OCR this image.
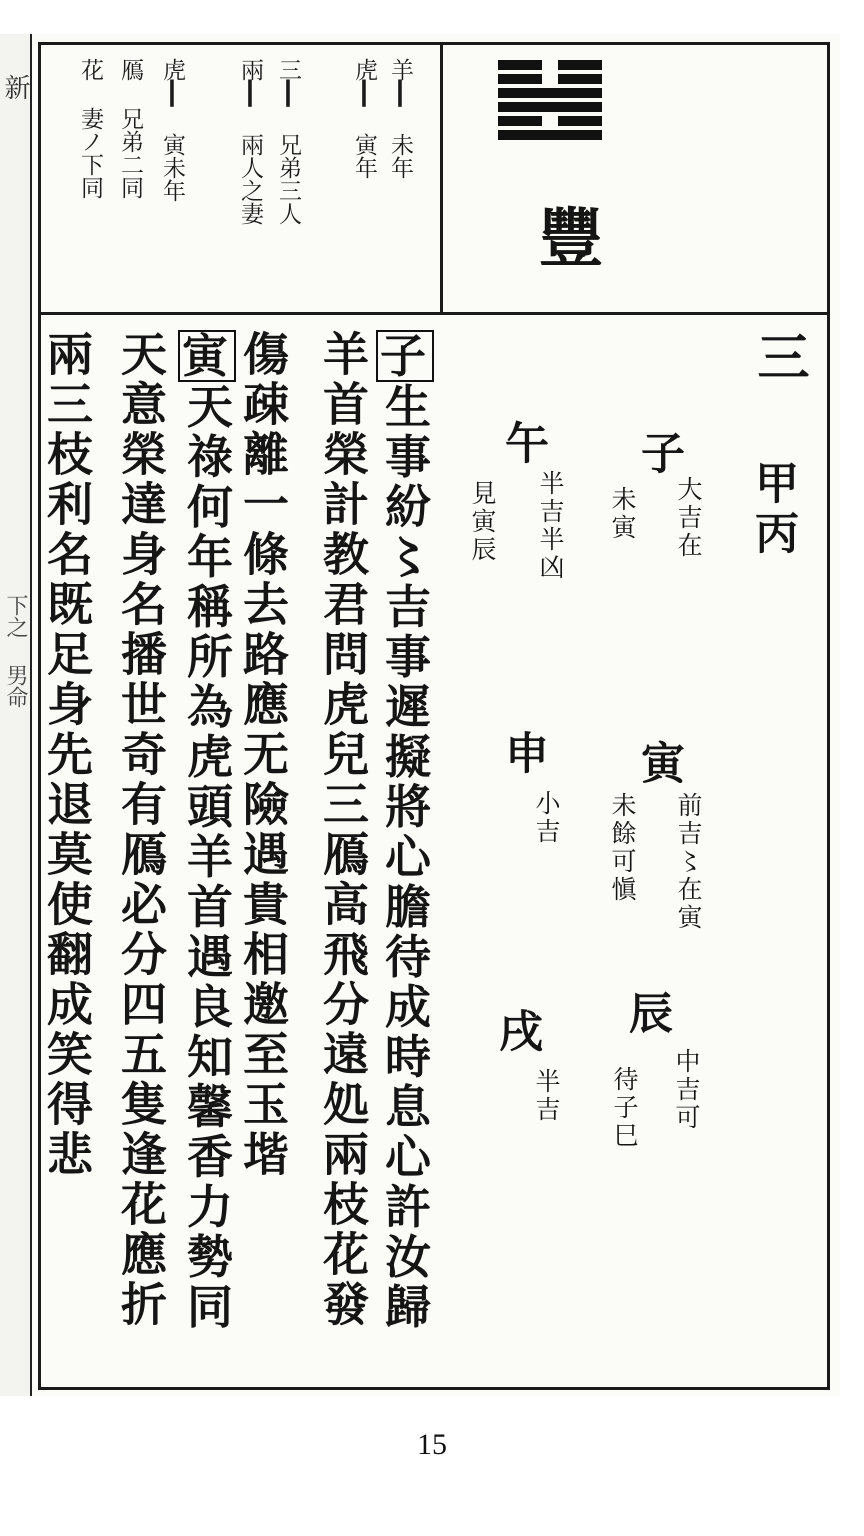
新
下之
男命
豐
羊┃ 未年
虎┃ 寅年
三┃ 兄弟三人
兩┃ 兩人之妻
虎┃ 寅未年
鴈 兄弟二同
花 妻ノ下同
三
甲丙
子
大吉在
未寅
午
半吉半凶
見寅辰
寅
前吉〻在寅
未餘可愼
申
小吉
辰
中吉可
待子巳
戌
半吉
子生事紛〻吉事遲擬將心膽待成時息心許汝歸
羊首榮計教君問虎兒三鴈高飛分遠処兩枝花發
傷疎離一條去路應无險遇貴相邀至玉堦
寅天祿何年稱所為虎頭羊首遇良知馨香力勢同
天意榮達身名播世奇有鴈必分四五隻逢花應折
兩三枝利名既足身先退莫使翻成笑得悲
15
